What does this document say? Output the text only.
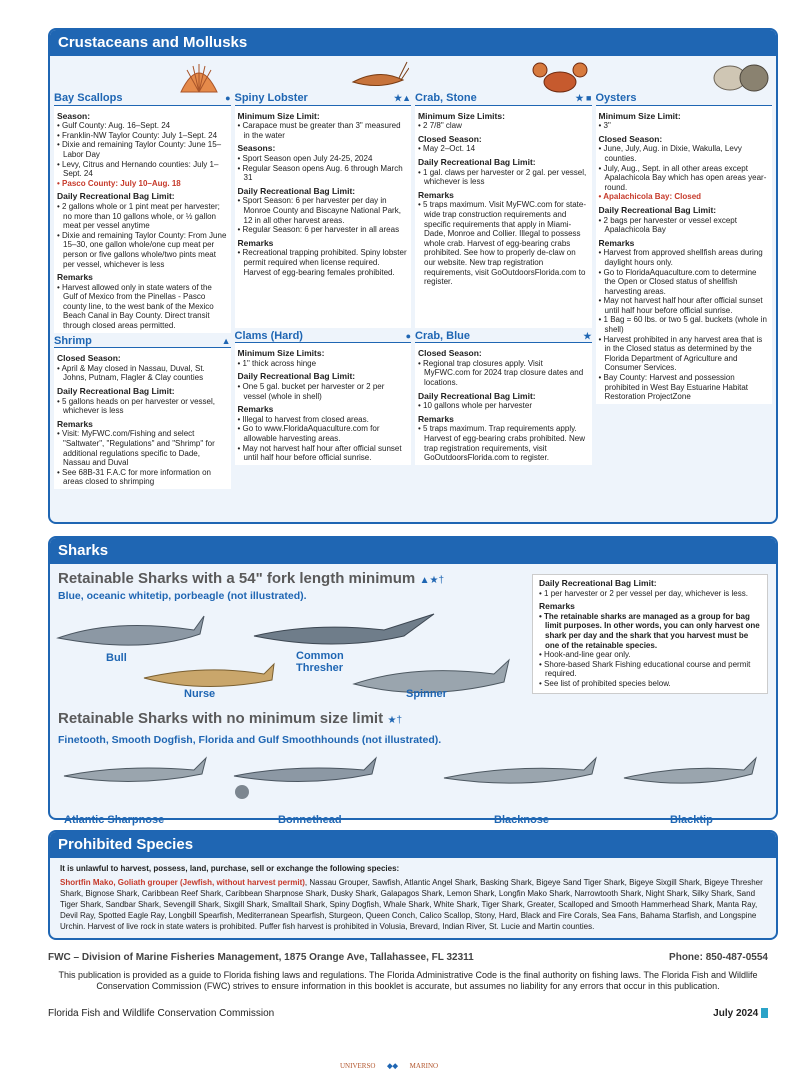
Crustaceans and Mollusks
Bay Scallops	●
Season:
• Gulf County: Aug. 16–Sept. 24
• Franklin-NW Taylor County: July 1–Sept. 24
• Dixie and remaining Taylor County: June 15–Labor Day
• Levy, Citrus and Hernando counties: July 1–Sept. 24
• Pasco County: July 10–Aug. 18
Daily Recreational Bag Limit:
• 2 gallons whole or 1 pint meat per harvester; no more than 10 gallons whole, or ½ gallon meat per vessel anytime
• Dixie and remaining Taylor County: From June 15–30, one gallon whole/one cup meat per person or five gallons whole/two pints meat per vessel, whichever is less
Remarks
• Harvest allowed only in state waters of the Gulf of Mexico from the Pinellas - Pasco county line, to the west bank of the Mexico Beach Canal in Bay County. Direct transit through closed areas permitted.
Shrimp	▲
Closed Season:
• April & May closed in Nassau, Duval, St. Johns, Putnam, Flagler & Clay counties
Daily Recreational Bag Limit:
• 5 gallons heads on per harvester or vessel, whichever is less
Remarks
• Visit: MyFWC.com/Fishing and select "Saltwater", "Regulations" and "Shrimp" for additional regulations specific to Dade, Nassau and Duval
• See 68B-31 F.A.C for more information on areas closed to shrimping
Spiny Lobster	★▲
Minimum Size Limit:
• Carapace must be greater than 3" measured in the water
Seasons:
• Sport Season open July 24-25, 2024
• Regular Season opens Aug. 6 through March 31
Daily Recreational Bag Limit:
• Sport Season: 6 per harvester per day in Monroe County and Biscayne National Park, 12 in all other harvest areas.
• Regular Season: 6 per harvester in all areas
Remarks
• Recreational trapping prohibited. Spiny lobster permit required when license required. Harvest of egg-bearing females prohibited.
Clams (Hard)	●
Minimum Size Limits:
• 1" thick across hinge
Daily Recreational Bag Limit:
• One 5 gal. bucket per harvester or 2 per vessel (whole in shell)
Remarks
• Illegal to harvest from closed areas.
• Go to www.FloridaAquaculture.com for allowable harvesting areas.
• May not harvest half hour after official sunset until half hour before official sunrise.
Crab, Stone	★ ■
Minimum Size Limits:
• 2 7/8" claw
Closed Season:
• May 2–Oct. 14
Daily Recreational Bag Limit:
• 1 gal. claws per harvester or 2 gal. per vessel, whichever is less
Remarks
• 5 traps maximum. Visit MyFWC.com for state-wide trap construction requirements and specific requirements that apply in Miami-Dade, Monroe and Collier. Illegal to possess whole crab. Harvest of egg-bearing crabs prohibited. See how to properly de-claw on our website. New trap registration requirements, visit GoOutdoorsFlorida.com to register.
Crab, Blue	★
Closed Season:
• Regional trap closures apply. Visit MyFWC.com for 2024 trap closure dates and locations.
Daily Recreational Bag Limit:
• 10 gallons whole per harvester
Remarks
• 5 traps maximum. Trap requirements apply. Harvest of egg-bearing crabs prohibited. New trap registration requirements, visit GoOutdoorsFlorida.com to register.
Oysters
Minimum Size Limit:
• 3"
Closed Season:
• June, July, Aug. in Dixie, Wakulla, Levy counties.
• July, Aug., Sept. in all other areas except Apalachicola Bay which has open areas year-round.
• Apalachicola Bay: Closed
Daily Recreational Bag Limit:
• 2 bags per harvester or vessel except Apalachicola Bay
Remarks
• Harvest from approved shellfish areas during daylight hours only.
• Go to FloridaAquaculture.com to determine the Open or Closed status of shellfish harvesting areas.
• May not harvest half hour after official sunset until half hour before official sunrise.
• 1 Bag = 60 lbs. or two 5 gal. buckets (whole in shell)
• Harvest prohibited in any harvest area that is in the Closed status as determined by the Florida Department of Agriculture and Consumer Services.
• Bay County: Harvest and possession prohibited in West Bay Estuarine Habitat Restoration ProjectZone
Sharks
Retainable Sharks with a 54" fork length minimum ▲★†
Blue, oceanic whitetip, porbeagle (not illustrated).
Bull	Common Thresher
Nurse	Spinner
Retainable Sharks with no minimum size limit ★†
Finetooth, Smooth Dogfish, Florida and Gulf Smoothhounds (not illustrated).
Atlantic Sharpnose	Bonnethead	Blacknose	Blacktip
Daily Recreational Bag Limit:
• 1 per harvester or 2 per vessel per day, whichever is less.
Remarks
• The retainable sharks are managed as a group for bag limit purposes. In other words, you can only harvest one shark per day and the shark that you harvest must be one of the retainable species.
• Hook-and-line gear only.
• Shore-based Shark Fishing educational course and permit required.
• See list of prohibited species below.
Prohibited Species
It is unlawful to harvest, possess, land, purchase, sell or exchange the following species:
Shortfin Mako, Goliath grouper (Jewfish, without harvest permit), Nassau Grouper, Sawfish, Atlantic Angel Shark, Basking Shark, Bigeye Sand Tiger Shark, Bigeye Sixgill Shark, Bigeye Thresher Shark, Bignose Shark, Caribbean Reef Shark, Caribbean Sharpnose Shark, Dusky Shark, Galapagos Shark, Lemon Shark, Longfin Mako Shark, Narrowtooth Shark, Night Shark, Silky Shark, Sand Tiger Shark, Sandbar Shark, Sevengill Shark, Sixgill Shark, Smalltail Shark, Spiny Dogfish, Whale Shark, White Shark, Tiger Shark, Greater, Scalloped and Smooth Hammerhead Shark, Manta Ray, Devil Ray, Spotted Eagle Ray, Longbill Spearfish, Mediterranean Spearfish, Sturgeon, Queen Conch, Calico Scallop, Stony, Hard, Black and Fire Corals, Sea Fans, Bahama Starfish, and Longspine Urchin. Harvest of live rock in state waters is prohibited. Puffer fish harvest is prohibited in Volusia, Brevard, Indian River, St. Lucie and Martin counties.
FWC – Division of Marine Fisheries Management, 1875 Orange Ave, Tallahassee, FL 32311	Phone: 850-487-0554
This publication is provided as a guide to Florida fishing laws and regulations. The Florida Administrative Code is the final authority on fishing laws. The Florida Fish and Wildlife Conservation Commission (FWC) strives to ensure information in this booklet is accurate, but assumes no liability for any errors that occur in this publication.
Florida Fish and Wildlife Conservation Commission	July 2024
UNIVERSO ◆◆ MARINO
